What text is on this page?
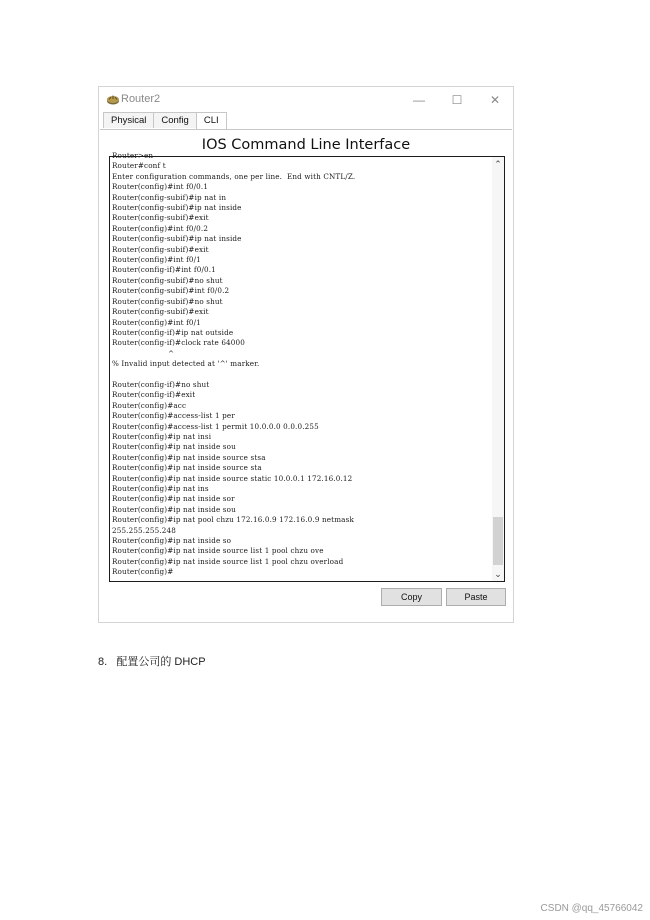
Router2	— ☐ ✕
Physical	Config	CLI
IOS Command Line Interface
Router>en
Router#conf t
Enter configuration commands, one per line.  End with CNTL/Z.
Router(config)#int f0/0.1
Router(config-subif)#ip nat in
Router(config-subif)#ip nat inside
Router(config-subif)#exit
Router(config)#int f0/0.2
Router(config-subif)#ip nat inside
Router(config-subif)#exit
Router(config)#int f0/1
Router(config-if)#int f0/0.1
Router(config-subif)#no shut
Router(config-subif)#int f0/0.2
Router(config-subif)#no shut
Router(config-subif)#exit
Router(config)#int f0/1
Router(config-if)#ip nat outside
Router(config-if)#clock rate 64000
^
% Invalid input detected at '^' marker.

Router(config-if)#no shut
Router(config-if)#exit
Router(config)#acc
Router(config)#access-list 1 per
Router(config)#access-list 1 permit 10.0.0.0 0.0.0.255
Router(config)#ip nat insi
Router(config)#ip nat inside sou
Router(config)#ip nat inside source stsa
Router(config)#ip nat inside source sta
Router(config)#ip nat inside source static 10.0.0.1 172.16.0.12
Router(config)#ip nat ins
Router(config)#ip nat inside sor
Router(config)#ip nat inside sou
Router(config)#ip nat pool chzu 172.16.0.9 172.16.0.9 netmask
255.255.255.248
Router(config)#ip nat inside so
Router(config)#ip nat inside source list 1 pool chzu ove
Router(config)#ip nat inside source list 1 pool chzu overload
Router(config)#
⌃
⌄
Copy	Paste
8. 配置公司的 DHCP
CSDN @qq_45766042
